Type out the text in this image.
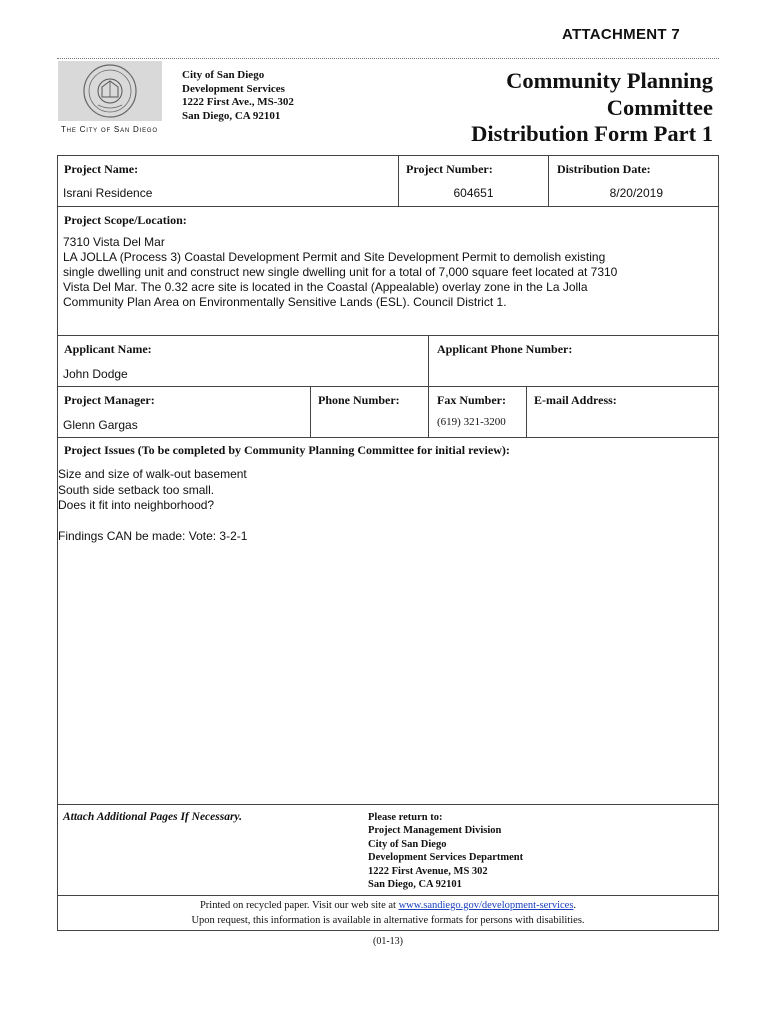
ATTACHMENT 7
The City of San Diego
City of San Diego
Development Services
1222 First Ave., MS-302
San Diego, CA 92101
Community Planning
Committee
Distribution Form Part 1
Project Name:
Israni Residence
Project Number:
604651
Distribution Date:
8/20/2019
Project Scope/Location:
7310 Vista Del Mar
LA JOLLA (Process 3) Coastal Development Permit and Site Development Permit to demolish existing
single dwelling unit and construct new single dwelling unit for a total of 7,000 square feet located at 7310
Vista Del Mar. The 0.32 acre site is located in the Coastal (Appealable) overlay zone in the La Jolla
Community Plan Area on Environmentally Sensitive Lands (ESL). Council District 1.
Applicant Name:
John Dodge
Applicant Phone Number:
Project Manager:
Glenn Gargas
Phone Number:	Fax Number:
(619) 321-3200
E-mail Address:
Project Issues (To be completed by Community Planning Committee for initial review):
Size and size of walk-out basement
South side setback too small.
Does it fit into neighborhood?
Findings CAN be made: Vote: 3-2-1
Attach Additional Pages If Necessary.	Please return to:
Project Management Division
City of San Diego
Development Services Department
1222 First Avenue, MS 302
San Diego, CA 92101
Printed on recycled paper. Visit our web site at www.sandiego.gov/development-services.
Upon request, this information is available in alternative formats for persons with disabilities.
(01-13)
